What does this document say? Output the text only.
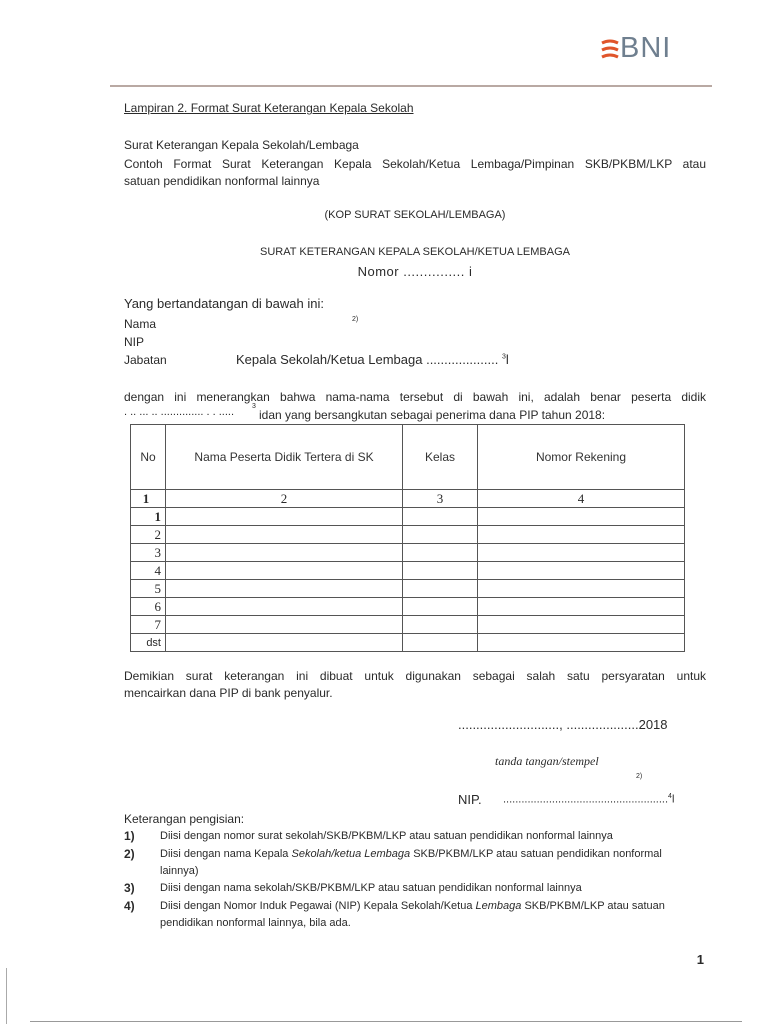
BNI
Lampiran 2. Format Surat Keterangan Kepala Sekolah
Surat Keterangan Kepala Sekolah/Lembaga
Contoh Format Surat Keterangan Kepala Sekolah/Ketua Lembaga/Pimpinan SKB/PKBM/LKP atau
satuan pendidikan nonformal lainnya
(KOP SURAT SEKOLAH/LEMBAGA)
SURAT KETERANGAN KEPALA SEKOLAH/KETUA LEMBAGA
Nomor ............... i
Yang bertandatangan di bawah ini:
Nama	2)
NIP
Jabatan	Kepala Sekolah/Ketua Lembaga .................... $^3$l
dengan ini menerangkan bahwa nama-nama tersebut di bawah ini, adalah benar peserta didik
. .. ... .. .............. . . .....	3
idan yang bersangkutan sebagai penerima dana PIP tahun 2018:
No	Nama Peserta Didik Tertera di SK	Kelas	Nomor Rekening
1	2	3	4
1			
2			
3			
4			
5			
6			
7			
dst			
Demikian surat keterangan ini dibuat untuk digunakan sebagai salah satu persyaratan untuk
mencairkan dana PIP di bank penyalur.
............................, ....................2018
tanda tangan/stempel
2)
NIP. ......................................................$^4$l
Keterangan pengisian:
1) Diisi dengan nomor surat sekolah/SKB/PKBM/LKP atau satuan pendidikan nonformal lainnya
2) Diisi dengan nama Kepala Sekolah/ketua Lembaga SKB/PKBM/LKP atau satuan pendidikan nonformal
lainnya)
3) Diisi dengan nama sekolah/SKB/PKBM/LKP atau satuan pendidikan nonformal lainnya
4) Diisi dengan Nomor Induk Pegawai (NIP) Kepala Sekolah/Ketua Lembaga SKB/PKBM/LKP atau satuan
pendidikan nonformal lainnya, bila ada.
1
